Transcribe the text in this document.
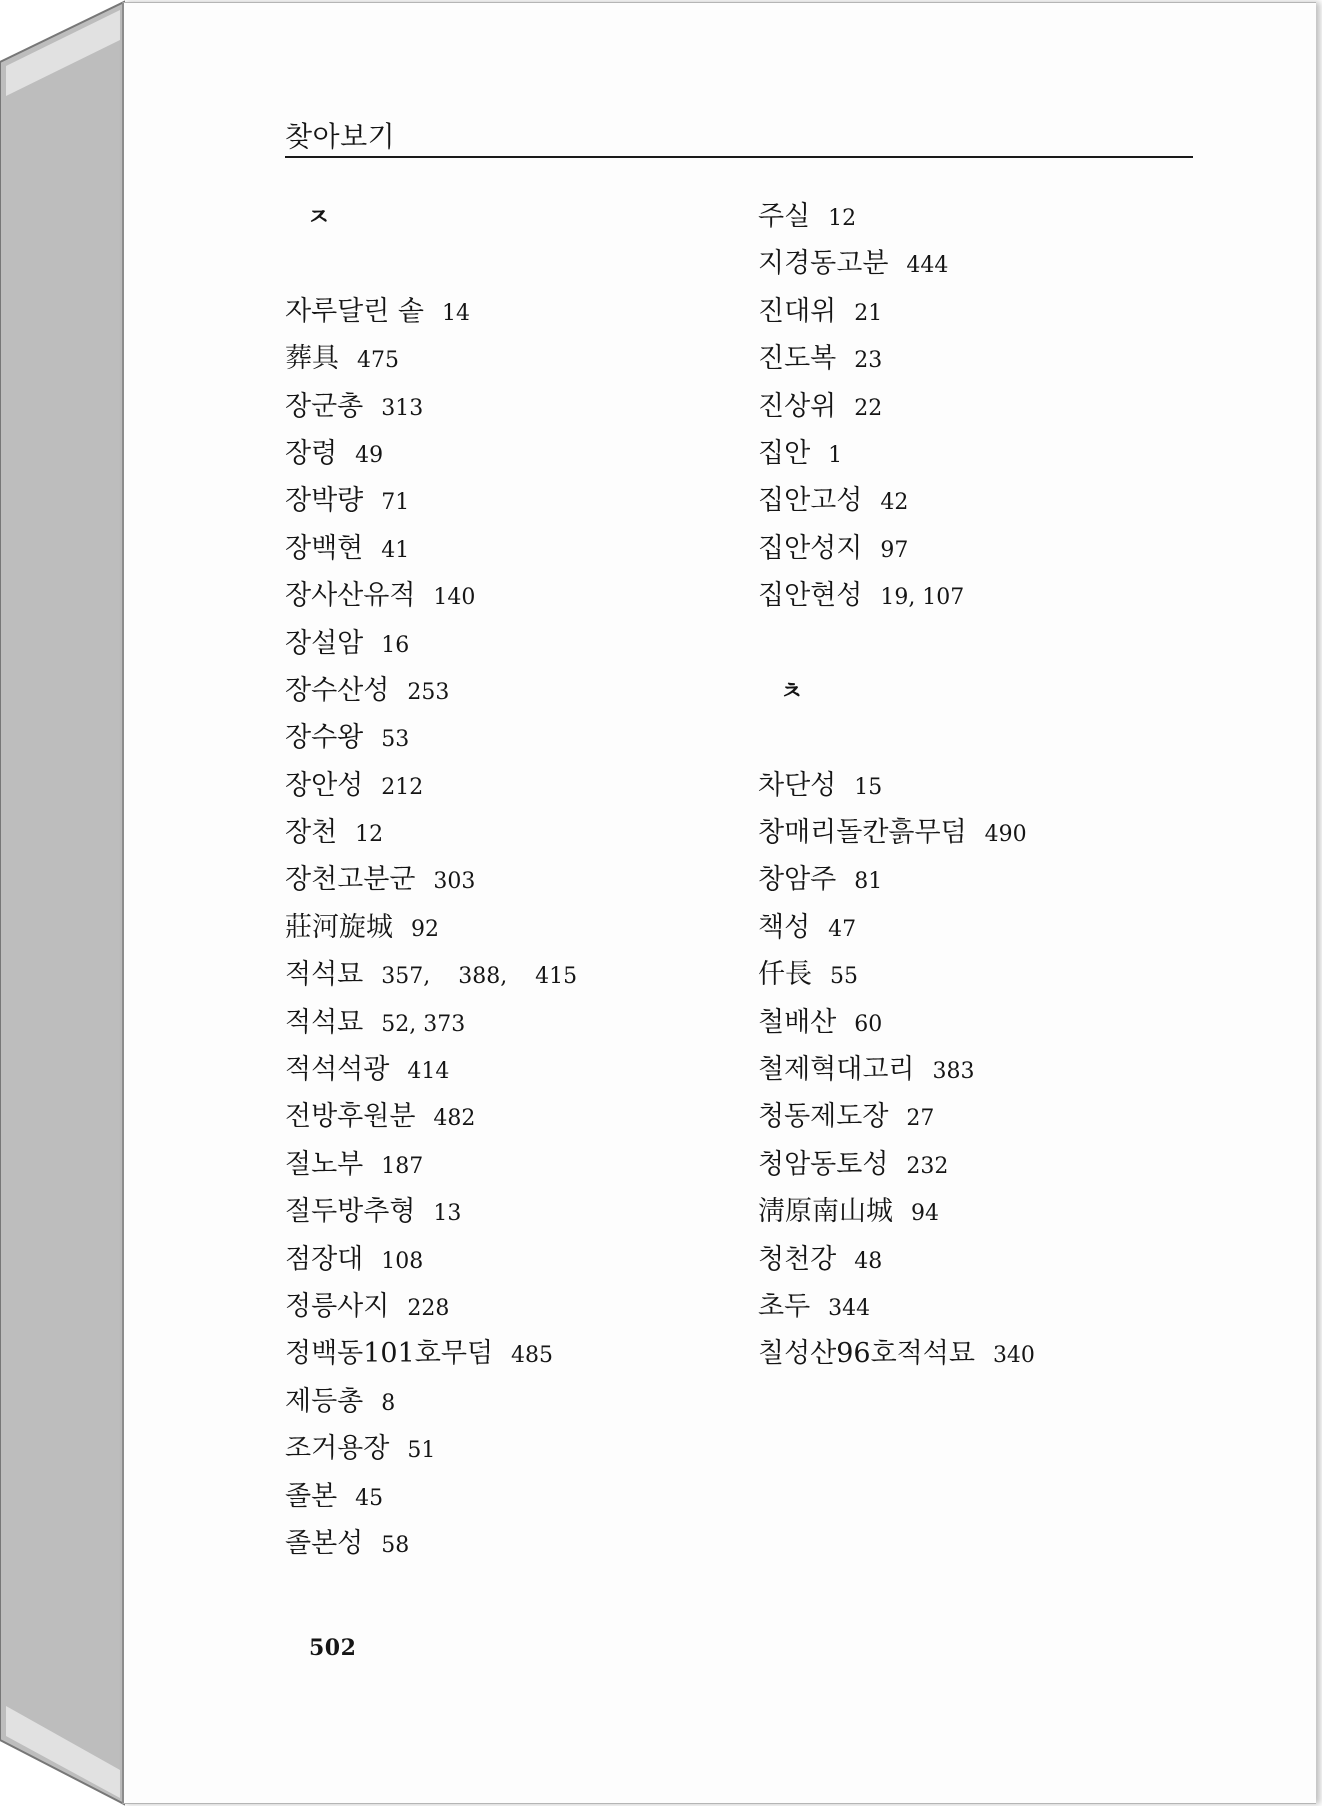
찾아보기
ㅈ
자루달린 솥 14
葬具 475
장군총 313
장령 49
장박량 71
장백현 41
장사산유적 140
장설암 16
장수산성 253
장수왕 53
장안성 212
장천 12
장천고분군 303
莊河旋城 92
적석묘 357,    388,    415
적석묘 52, 373
적석석광 414
전방후원분 482
절노부 187
절두방추형 13
점장대 108
정릉사지 228
정백동101호무덤 485
제등총 8
조거용장 51
졸본 45
졸본성 58
주실 12
지경동고분 444
진대위 21
진도복 23
진상위 22
집안 1
집안고성 42
집안성지 97
집안현성 19, 107
ㅊ
차단성 15
창매리돌칸흙무덤 490
창암주 81
책성 47
仟長 55
철배산 60
철제혁대고리 383
청동제도장 27
청암동토성 232
淸原南山城 94
청천강 48
초두 344
칠성산96호적석묘 340
502
